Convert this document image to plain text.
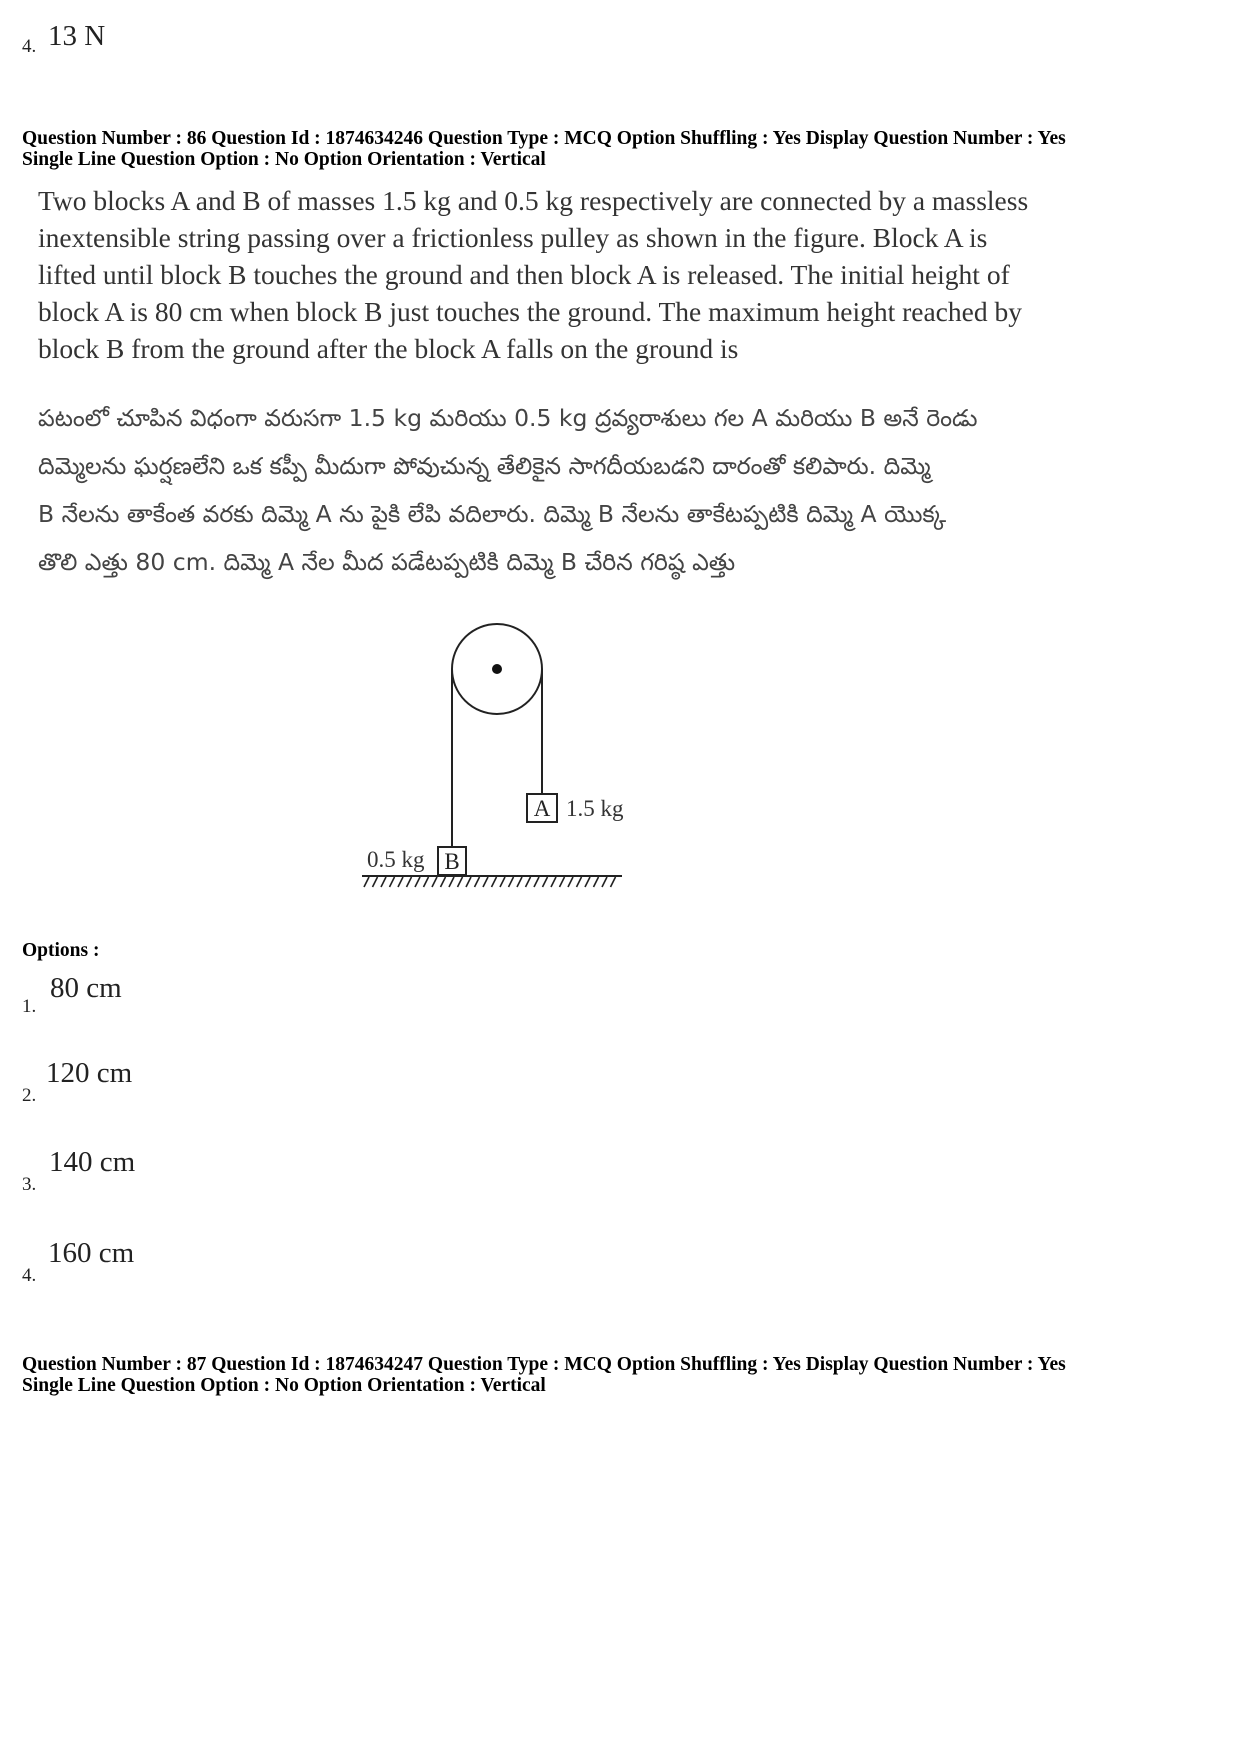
4. 13 N
Question Number : 86 Question Id : 1874634246 Question Type : MCQ Option Shuffling : Yes Display Question Number : Yes
Single Line Question Option : No Option Orientation : Vertical
Two blocks A and B of masses 1.5 kg and 0.5 kg respectively are connected by a massless
inextensible string passing over a frictionless pulley as shown in the figure. Block A is
lifted until block B touches the ground and then block A is released. The initial height of
block A is 80 cm when block B just touches the ground. The maximum height reached by
block B from the ground after the block A falls on the ground is
పటంలో చూపిన విధంగా వరుసగా 1.5 kg మరియు 0.5 kg ద్రవ్యరాశులు గల A మరియు B అనే రెండు
దిమ్మెలను ఘర్షణలేని ఒక కప్పీ మీదుగా పోవుచున్న తేలికైన సాగదీయబడని దారంతో కలిపారు. దిమ్మె
B నేలను తాకేంత వరకు దిమ్మె A ను పైకి లేపి వదిలారు. దిమ్మె B నేలను తాకేటప్పటికి దిమ్మె A యొక్క
తొలి ఎత్తు 80 cm. దిమ్మె A నేల మీద పడేటప్పటికి దిమ్మె B చేరిన గరిష్ఠ ఎత్తు
A 1.5 kg
B
0.5 kg
Options :
1.
80 cm
2.
120 cm
3.
140 cm
4.
160 cm
Question Number : 87 Question Id : 1874634247 Question Type : MCQ Option Shuffling : Yes Display Question Number : Yes
Single Line Question Option : No Option Orientation : Vertical
